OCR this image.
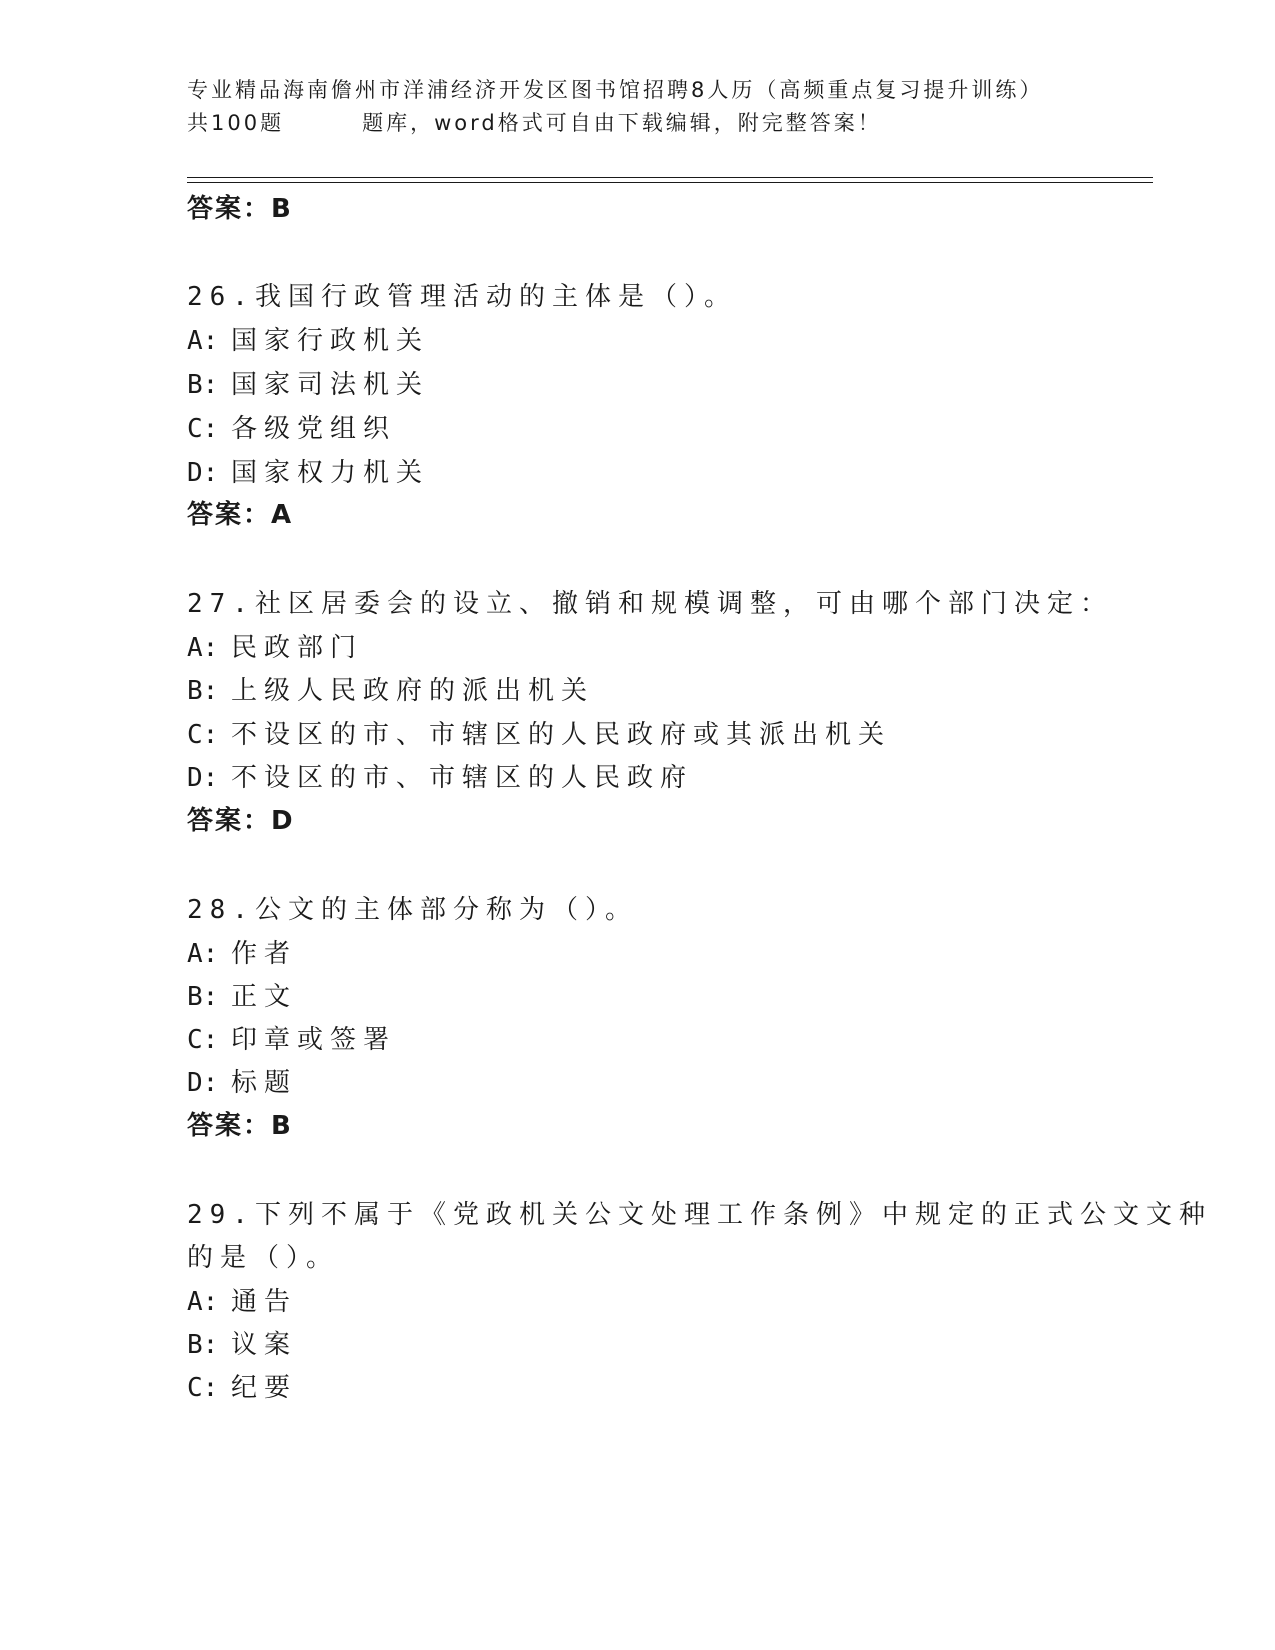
专业精品海南儋州市洋浦经济开发区图书馆招聘8人历（高频重点复习提升训练）
共100题	题库，word格式可自由下载编辑，附完整答案！
答案：B
26.我国行政管理活动的主体是（）。
A: 国家行政机关
B: 国家司法机关
C: 各级党组织
D: 国家权力机关
答案：A
27.社区居委会的设立、撤销和规模调整，可由哪个部门决定：
A: 民政部门
B: 上级人民政府的派出机关
C: 不设区的市、市辖区的人民政府或其派出机关
D: 不设区的市、市辖区的人民政府
答案：D
28.公文的主体部分称为（）。
A: 作者
B: 正文
C: 印章或签署
D: 标题
答案：B
29.下列不属于《党政机关公文处理工作条例》中规定的正式公文文种
的是（）。
A: 通告
B: 议案
C: 纪要
